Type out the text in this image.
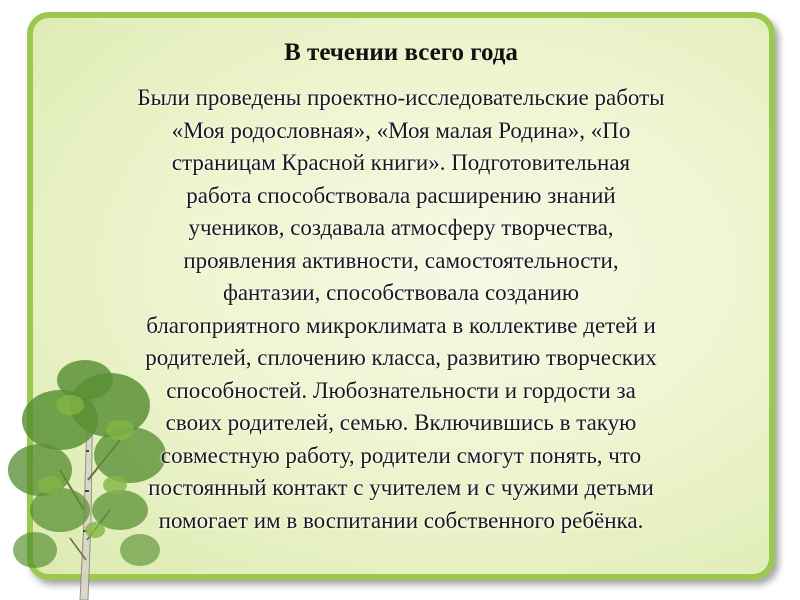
В течении всего года
Были проведены проектно-исследовательские работы
«Моя родословная», «Моя малая Родина», «По
страницам Красной книги». Подготовительная
работа способствовала расширению знаний
учеников, создавала атмосферу творчества,
проявления активности, самостоятельности,
фантазии, способствовала созданию
благоприятного микроклимата в коллективе детей и
родителей, сплочению класса, развитию творческих
способностей. Любознательности и гордости за
своих родителей, семью. Включившись в такую
совместную работу, родители смогут понять, что
постоянный контакт с учителем и с чужими детьми
помогает им в воспитании собственного ребёнка.
